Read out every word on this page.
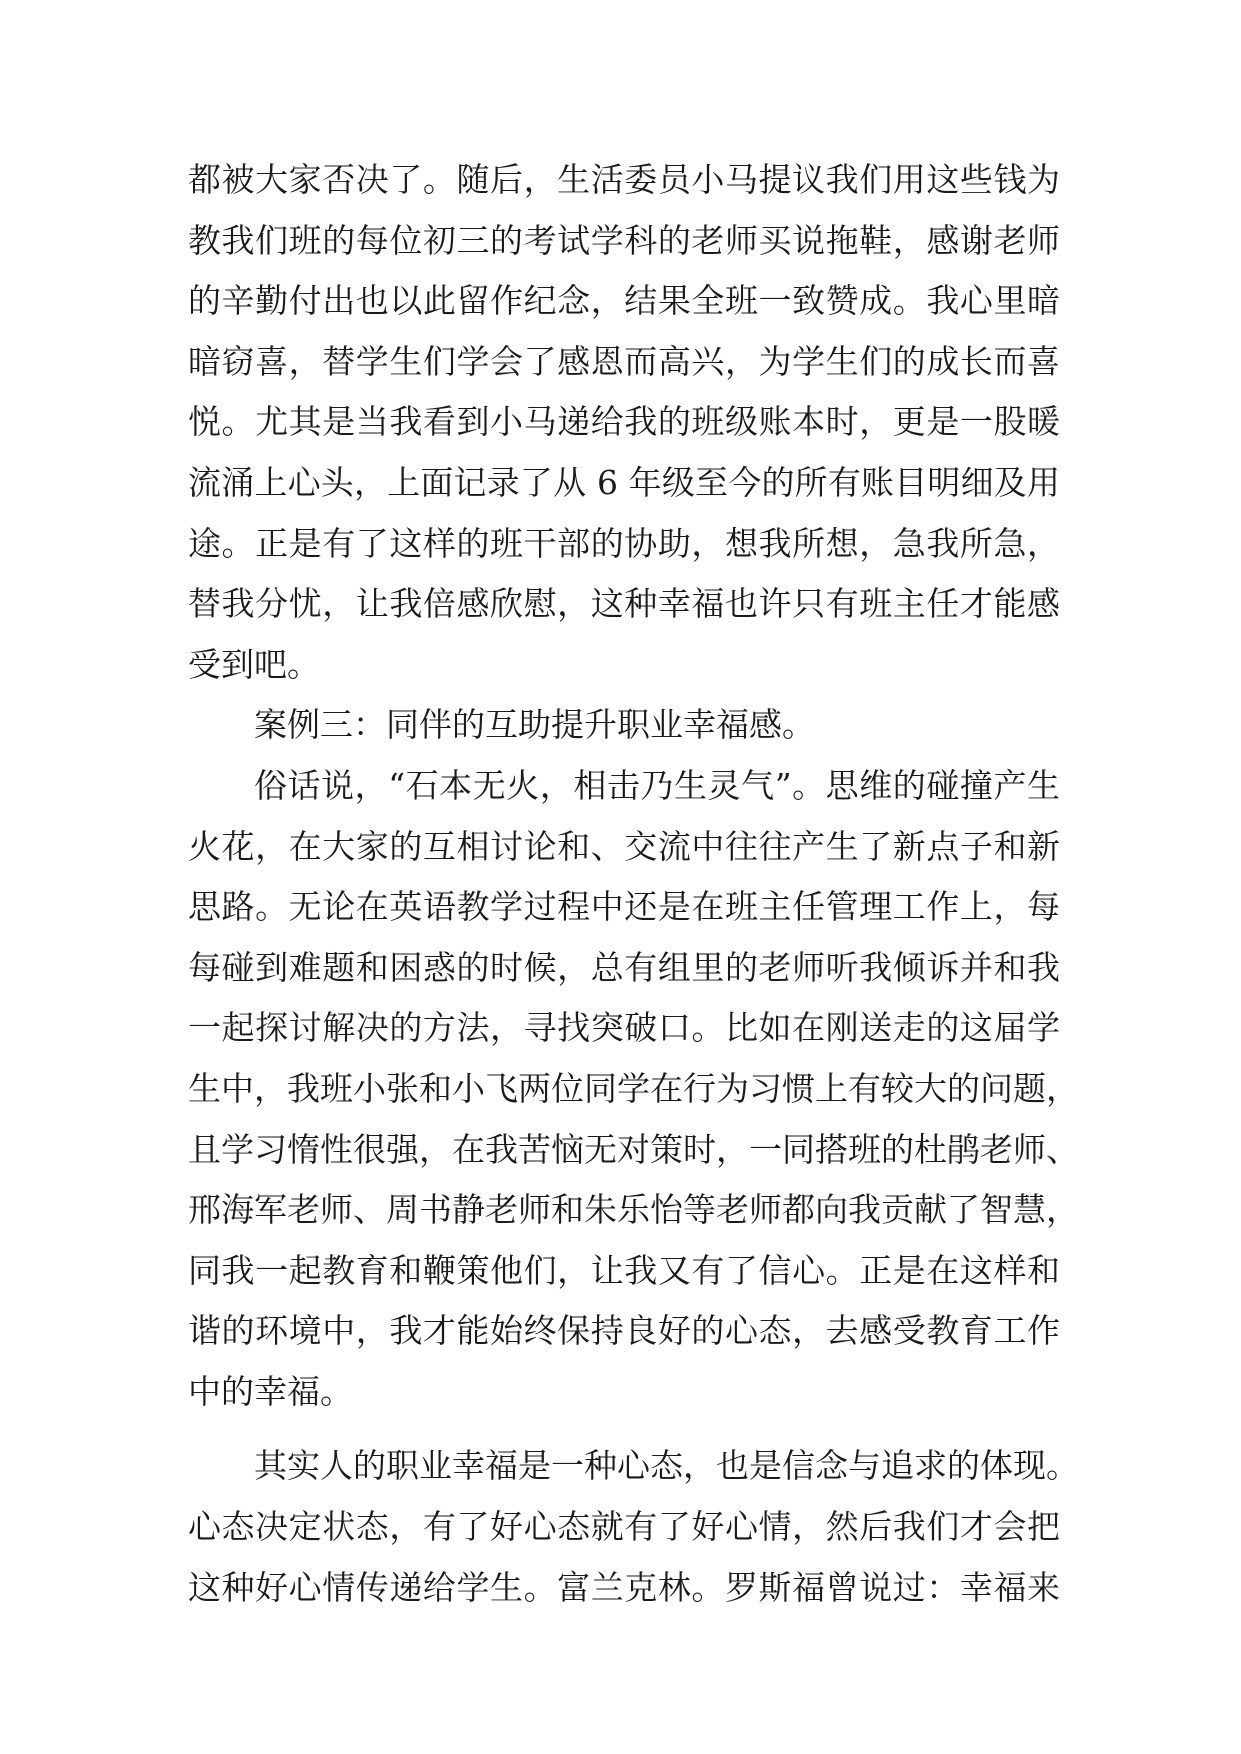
都被大家否决了。随后，生活委员小马提议我们用这些钱为
教我们班的每位初三的考试学科的老师买说拖鞋，感谢老师
的辛勤付出也以此留作纪念，结果全班一致赞成。我心里暗
暗窃喜，替学生们学会了感恩而高兴，为学生们的成长而喜
悦。尤其是当我看到小马递给我的班级账本时，更是一股暖
流涌上心头，上面记录了从 6 年级至今的所有账目明细及用
途。正是有了这样的班干部的协助，想我所想，急我所急，
替我分忧，让我倍感欣慰，这种幸福也许只有班主任才能感
受到吧。
案例三：同伴的互助提升职业幸福感。
俗话说，“石本无火，相击乃生灵气”。思维的碰撞产生
火花，在大家的互相讨论和、交流中往往产生了新点子和新
思路。无论在英语教学过程中还是在班主任管理工作上，每
每碰到难题和困惑的时候，总有组里的老师听我倾诉并和我
一起探讨解决的方法，寻找突破口。比如在刚送走的这届学
生中，我班小张和小飞两位同学在行为习惯上有较大的问题，
且学习惰性很强，在我苦恼无对策时，一同搭班的杜鹃老师、
邢海军老师、周书静老师和朱乐怡等老师都向我贡献了智慧，
同我一起教育和鞭策他们，让我又有了信心。正是在这样和
谐的环境中，我才能始终保持良好的心态，去感受教育工作
中的幸福。
其实人的职业幸福是一种心态，也是信念与追求的体现。
心态决定状态，有了好心态就有了好心情，然后我们才会把
这种好心情传递给学生。富兰克林。罗斯福曾说过：幸福来
